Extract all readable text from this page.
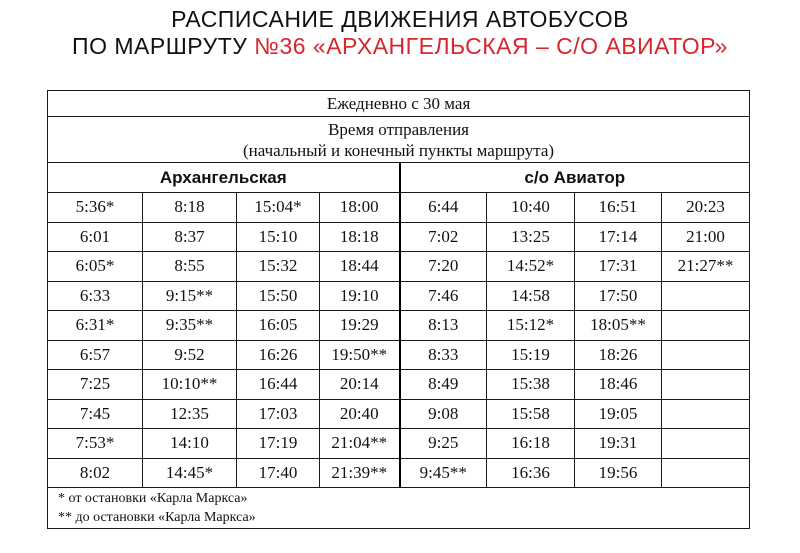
РАСПИСАНИЕ ДВИЖЕНИЯ АВТОБУСОВ
ПО МАРШРУТУ №36 «АРХАНГЕЛЬСКАЯ – С/О АВИАТОР»
Ежедневно с 30 мая							

Время отправления
(начальный и конечный пункты маршрута)							

Архангельская				с/о Авиатор			
5:36*	8:18	15:04*	18:00	6:44	10:40	16:51	20:23
6:01	8:37	15:10	18:18	7:02	13:25	17:14	21:00
6:05*	8:55	15:32	18:44	7:20	14:52*	17:31	21:27**
6:33	9:15**	15:50	19:10	7:46	14:58	17:50	
6:31*	9:35**	16:05	19:29	8:13	15:12*	18:05**	
6:57	9:52	16:26	19:50**	8:33	15:19	18:26	
7:25	10:10**	16:44	20:14	8:49	15:38	18:46	
7:45	12:35	17:03	20:40	9:08	15:58	19:05	
7:53*	14:10	17:19	21:04**	9:25	16:18	19:31	
8:02	14:45*	17:40	21:39**	9:45**	16:36	19:56	

* от остановки «Карла Маркса»
** до остановки «Карла Маркса»							
